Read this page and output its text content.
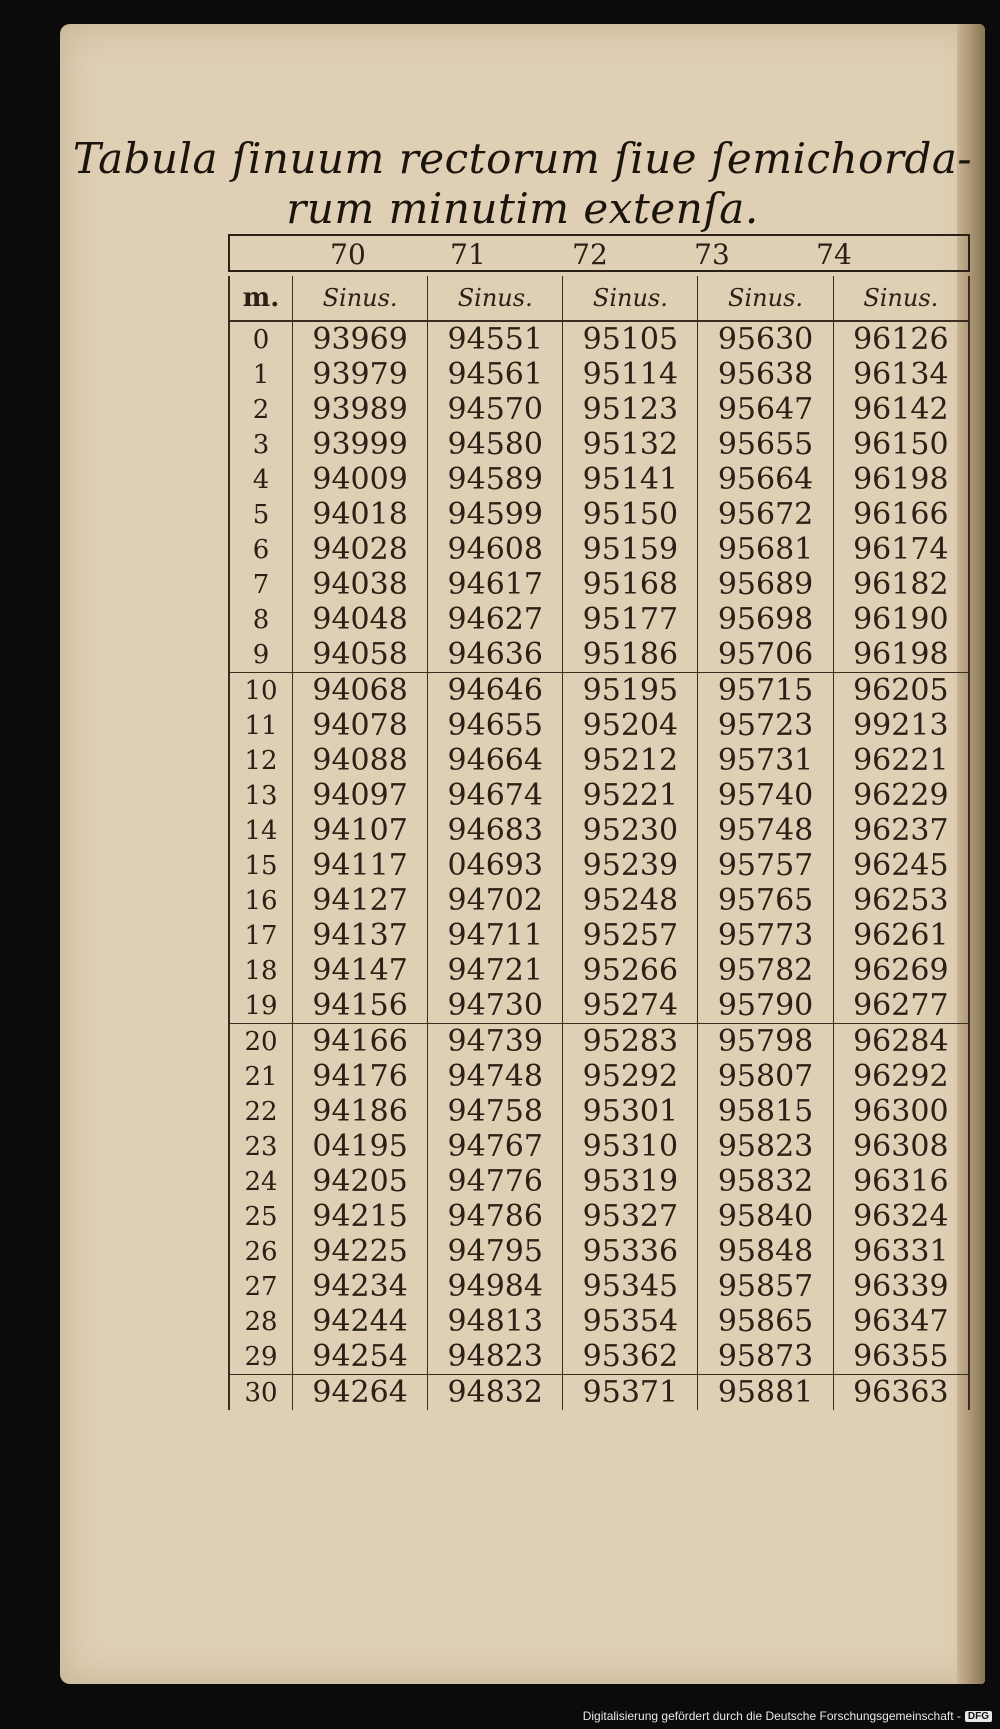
Tabula ſinuum rectorum ſiue ſemichorda-
rum minutim extenſa.
70	71	72	73	74
m.	Sinus.	Sinus.	Sinus.	Sinus.	Sinus.
0	93969	94551	95105	95630	96126
1	93979	94561	95114	95638	96134
2	93989	94570	95123	95647	96142
3	93999	94580	95132	95655	96150
4	94009	94589	95141	95664	96198
5	94018	94599	95150	95672	96166
6	94028	94608	95159	95681	96174
7	94038	94617	95168	95689	96182
8	94048	94627	95177	95698	96190
9	94058	94636	95186	95706	96198
10	94068	94646	95195	95715	96205
11	94078	94655	95204	95723	99213
12	94088	94664	95212	95731	96221
13	94097	94674	95221	95740	96229
14	94107	94683	95230	95748	96237
15	94117	04693	95239	95757	96245
16	94127	94702	95248	95765	96253
17	94137	94711	95257	95773	96261
18	94147	94721	95266	95782	96269
19	94156	94730	95274	95790	96277
20	94166	94739	95283	95798	96284
21	94176	94748	95292	95807	96292
22	94186	94758	95301	95815	96300
23	04195	94767	95310	95823	96308
24	94205	94776	95319	95832	96316
25	94215	94786	95327	95840	96324
26	94225	94795	95336	95848	96331
27	94234	94984	95345	95857	96339
28	94244	94813	95354	95865	96347
29	94254	94823	95362	95873	96355
30	94264	94832	95371	95881	96363
Digitalisierung gefördert durch die Deutsche Forschungsgemeinschaft - DFG
